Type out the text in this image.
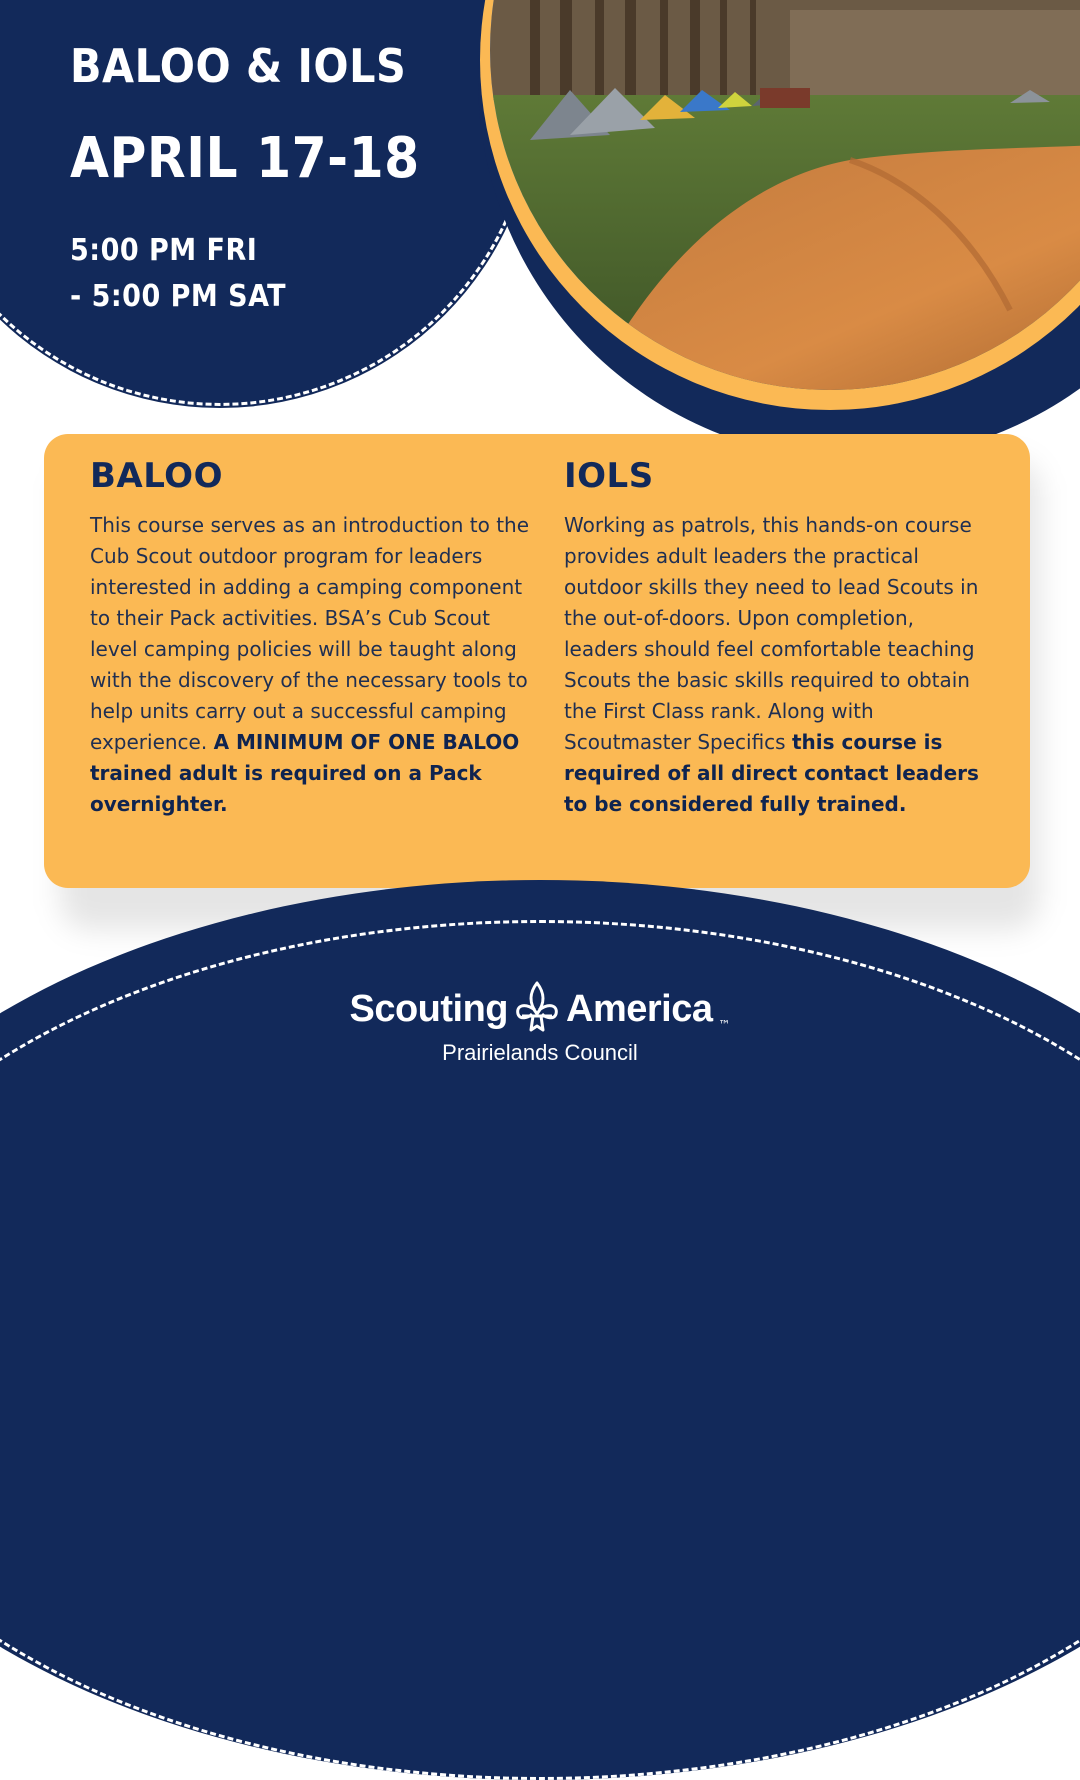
BALOO & IOLS
APRIL 17-18
5:00 PM FRI
- 5:00 PM SAT
BALOO

This course serves as an introduction to the Cub Scout outdoor program for leaders interested in adding a camping component to their Pack activities. BSA’s Cub Scout level camping policies will be taught along with the discovery of the necessary tools to help units carry out a successful camping experience. A MINIMUM OF ONE BALOO trained adult is required on a Pack overnighter.

IOLS

Working as patrols, this hands-on course provides adult leaders the practical outdoor skills they need to lead Scouts in the out-of-doors. Upon completion, leaders should feel comfortable teaching Scouts the basic skills required to obtain the First Class rank. Along with Scoutmaster Specifics this course is required of all direct contact leaders to be considered fully trained.

Scouting America ™
Prairielands Council
